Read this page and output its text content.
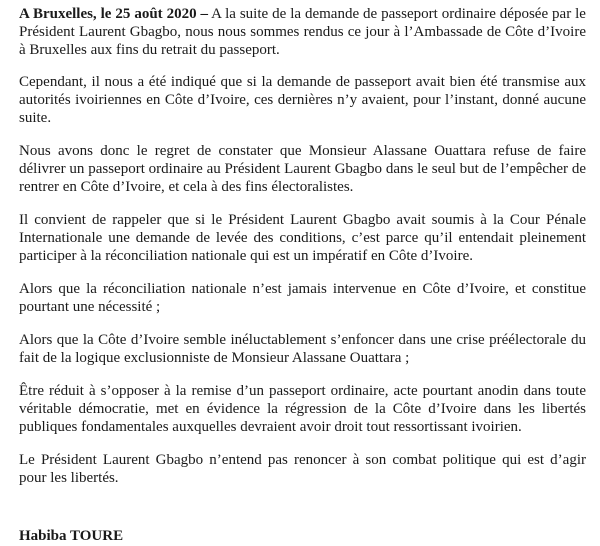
A Bruxelles, le 25 août 2020 – A la suite de la demande de passeport ordinaire déposée par le Président Laurent Gbagbo, nous nous sommes rendus ce jour à l’Ambassade de Côte d’Ivoire à Bruxelles aux fins du retrait du passeport.

Cependant, il nous a été indiqué que si la demande de passeport avait bien été transmise aux autorités ivoiriennes en Côte d’Ivoire, ces dernières n’y avaient, pour l’instant, donné aucune suite.

Nous avons donc le regret de constater que Monsieur Alassane Ouattara refuse de faire délivrer un passeport ordinaire au Président Laurent Gbagbo dans le seul but de l’empêcher de rentrer en Côte d’Ivoire, et cela à des fins électoralistes.

Il convient de rappeler que si le Président Laurent Gbagbo avait soumis à la Cour Pénale Internationale une demande de levée des conditions, c’est parce qu’il entendait pleinement participer à la réconciliation nationale qui est un impératif en Côte d’Ivoire.

Alors que la réconciliation nationale n’est jamais intervenue en Côte d’Ivoire, et constitue pourtant une nécessité ;

Alors que la Côte d’Ivoire semble inéluctablement s’enfoncer dans une crise préélectorale du fait de la logique exclusionniste de Monsieur Alassane Ouattara ;

Être réduit à s’opposer à la remise d’un passeport ordinaire, acte pourtant anodin dans toute véritable démocratie, met en évidence la régression de la Côte d’Ivoire dans les libertés publiques fondamentales auxquelles devraient avoir droit tout ressortissant ivoirien.

Le Président Laurent Gbagbo n’entend pas renoncer à son combat politique qui est d’agir pour les libertés.

Habiba TOURE
